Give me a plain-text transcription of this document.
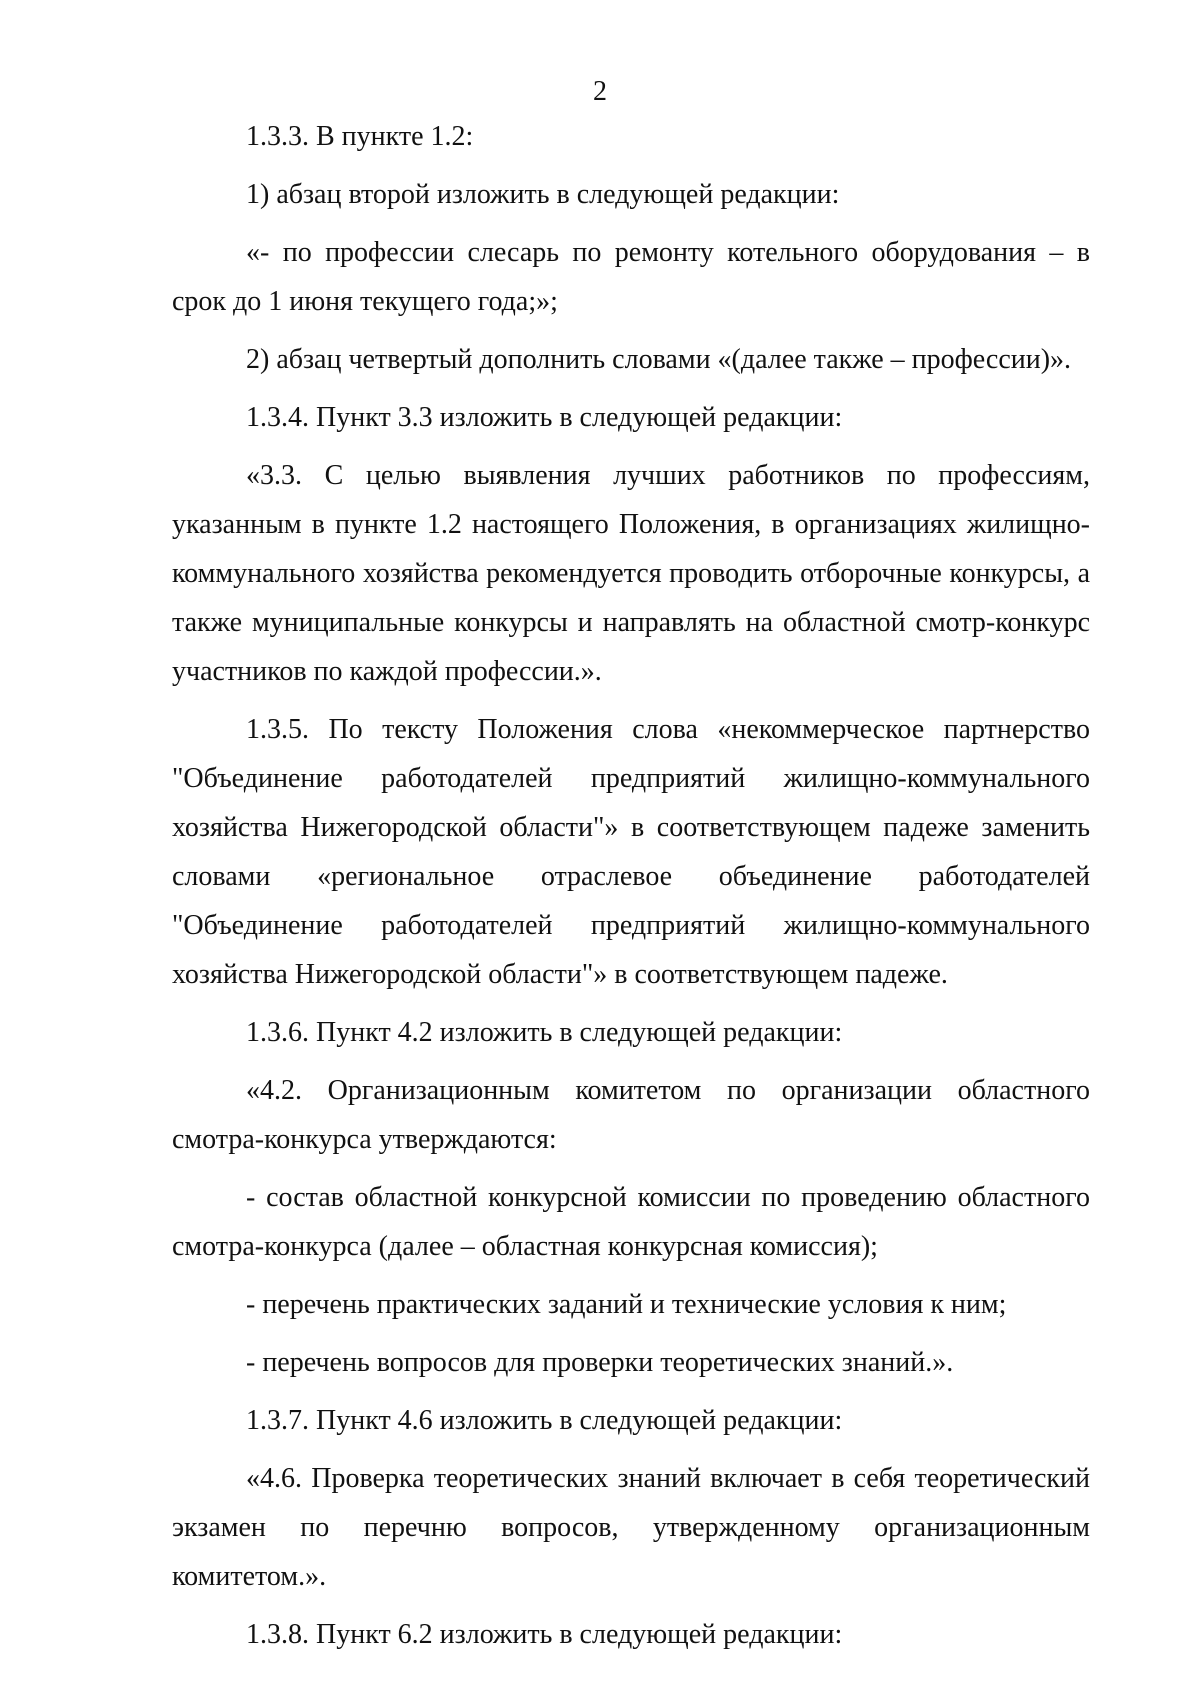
2

1.3.3. В пункте 1.2:

1) абзац второй изложить в следующей редакции:

«- по профессии слесарь по ремонту котельного оборудования – в срок до 1 июня текущего года;»;

2) абзац четвертый дополнить словами «(далее также – профессии)».

1.3.4. Пункт 3.3 изложить в следующей редакции:

«3.3. С целью выявления лучших работников по профессиям, указанным в пункте 1.2 настоящего Положения, в организациях жилищно-коммунального хозяйства рекомендуется проводить отборочные конкурсы, а также муниципальные конкурсы и направлять на областной смотр-конкурс участников по каждой профессии.».

1.3.5. По тексту Положения слова «некоммерческое партнерство "Объединение работодателей предприятий жилищно-коммунального хозяйства Нижегородской области"» в соответствующем падеже заменить словами «региональное отраслевое объединение работодателей "Объединение работодателей предприятий жилищно-коммунального хозяйства Нижегородской области"» в соответствующем падеже.

1.3.6. Пункт 4.2 изложить в следующей редакции:

«4.2. Организационным комитетом по организации областного смотра-конкурса утверждаются:

- состав областной конкурсной комиссии по проведению областного смотра-конкурса (далее – областная конкурсная комиссия);

- перечень практических заданий и технические условия к ним;

- перечень вопросов для проверки теоретических знаний.».

1.3.7. Пункт 4.6 изложить в следующей редакции:

«4.6. Проверка теоретических знаний включает в себя теоретический экзамен по перечню вопросов, утвержденному организационным комитетом.».

1.3.8. Пункт 6.2 изложить в следующей редакции:
